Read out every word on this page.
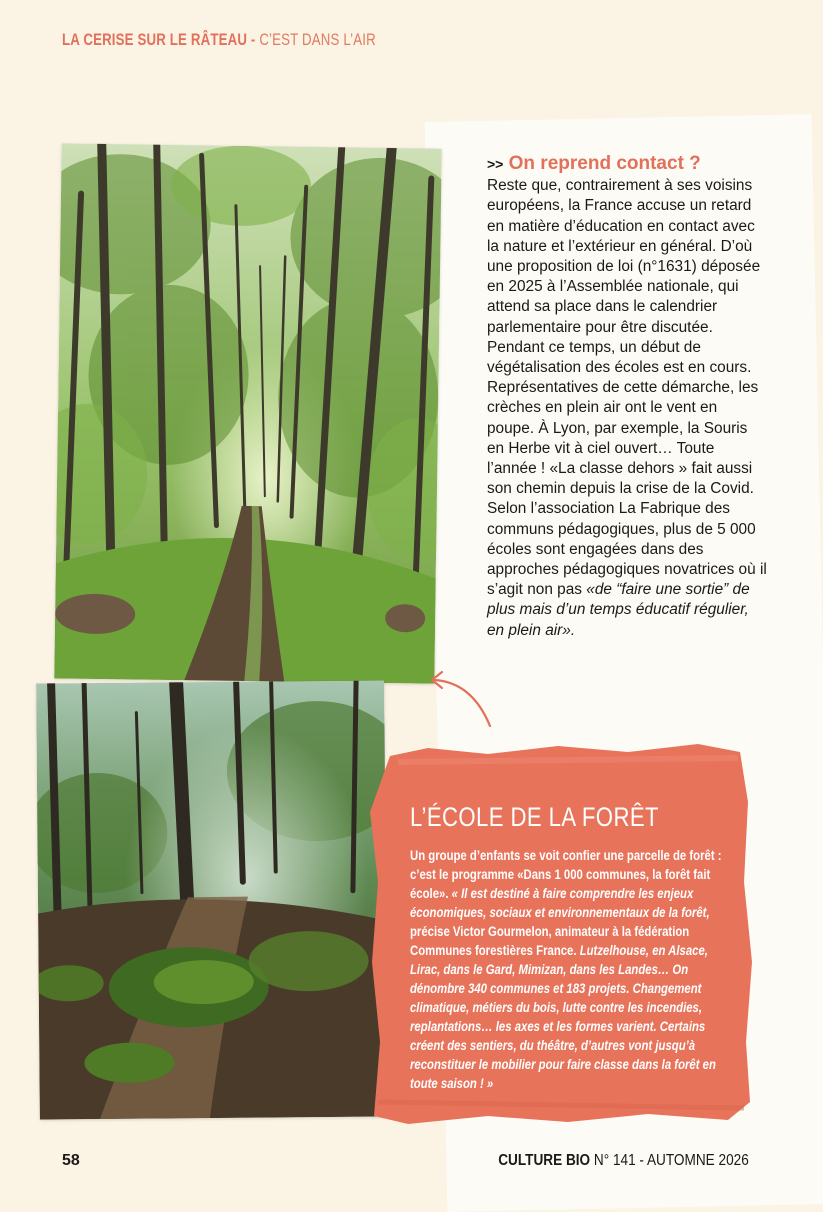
LA CERISE SUR LE RÂTEAU - C’EST DANS L’AIR
>> On reprend contact ?

Reste que, contrairement à ses voisins européens, la France accuse un retard en matière d’éducation en contact avec la nature et l’extérieur en général. D’où une proposition de loi (n°1631) déposée en 2025 à l’Assemblée nationale, qui attend sa place dans le calendrier parlementaire pour être discutée. Pendant ce temps, un début de végétalisation des écoles est en cours. Représentatives de cette démarche, les crèches en plein air ont le vent en poupe. À Lyon, par exemple, la Souris en Herbe vit à ciel ouvert… Toute l’année ! «La classe dehors » fait aussi son chemin depuis la crise de la Covid. Selon l’association La Fabrique des communs pédagogiques, plus de 5 000 écoles sont engagées dans des approches pédagogiques novatrices où il s’agit non pas «de “faire une sortie” de plus mais d’un temps éducatif régulier, en plein air».

L’ÉCOLE DE LA FORÊT
Un groupe d’enfants se voit confier une parcelle de forêt : c’est le programme «Dans 1 000 communes, la forêt fait école». « Il est destiné à faire comprendre les enjeux économiques, sociaux et environnementaux de la forêt, précise Victor Gourmelon, animateur à la fédération Communes forestières France. Lutzelhouse, en Alsace, Lirac, dans le Gard, Mimizan, dans les Landes… On dénombre 340 communes et 183 projets. Changement climatique, métiers du bois, lutte contre les incendies, replantations… les axes et les formes varient. Certains créent des sentiers, du théâtre, d’autres vont jusqu’à reconstituer le mobilier pour faire classe dans la forêt en toute saison ! »
58	CULTURE BIO N° 141 - AUTOMNE 2026
